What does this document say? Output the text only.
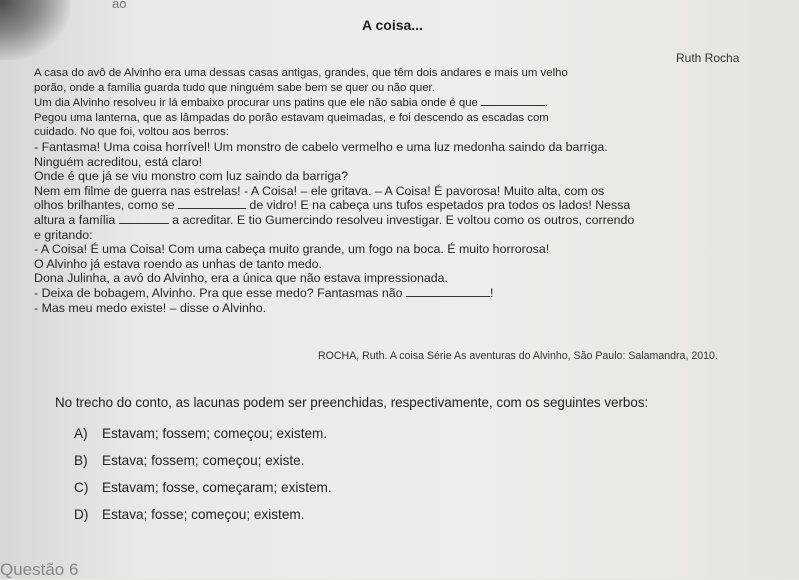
ao
A coisa...
Ruth Rocha

A casa do avô de Alvinho era uma dessas casas antigas, grandes, que têm dois andares e mais um velho

porão, onde a família guarda tudo que ninguém sabe bem se quer ou não quer.

Um dia Alvinho resolveu ir lá embaixo procurar uns patins que ele não sabia onde é que	.

Pegou uma lanterna, que as lâmpadas do porão estavam queimadas, e foi descendo as escadas com

cuidado. No que foi, voltou aos berros:

- Fantasma! Uma coisa horrível! Um monstro de cabelo vermelho e uma luz medonha saindo da barriga.

Ninguém acreditou, está claro!

Onde é que já se viu monstro com luz saindo da barriga?

Nem em filme de guerra nas estrelas! - A Coisa! – ele gritava. – A Coisa! É pavorosa! Muito alta, com os

olhos brilhantes, como se	de vidro! E na cabeça uns tufos espetados pra todos os lados! Nessa

altura a família	a acreditar. E tio Gumercindo resolveu investigar. E voltou como os outros, correndo

e gritando:

- A Coisa! É uma Coisa! Com uma cabeça muito grande, um fogo na boca. É muito horrorosa!

O Alvinho já estava roendo as unhas de tanto medo.

Dona Julinha, a avó do Alvinho, era a única que não estava impressionada.

- Deixa de bobagem, Alvinho. Pra que esse medo? Fantasmas não	!

- Mas meu medo existe! – disse o Alvinho.

ROCHA, Ruth. A coisa Série As aventuras do Alvinho, São Paulo: Salamandra, 2010.
No trecho do conto, as lacunas podem ser preenchidas, respectivamente, com os seguintes verbos:
A) Estavam; fossem; começou; existem.
B) Estava; fossem; começou; existe.
C) Estavam; fosse, começaram; existem.
D) Estava; fosse; começou; existem.
Questão 6
